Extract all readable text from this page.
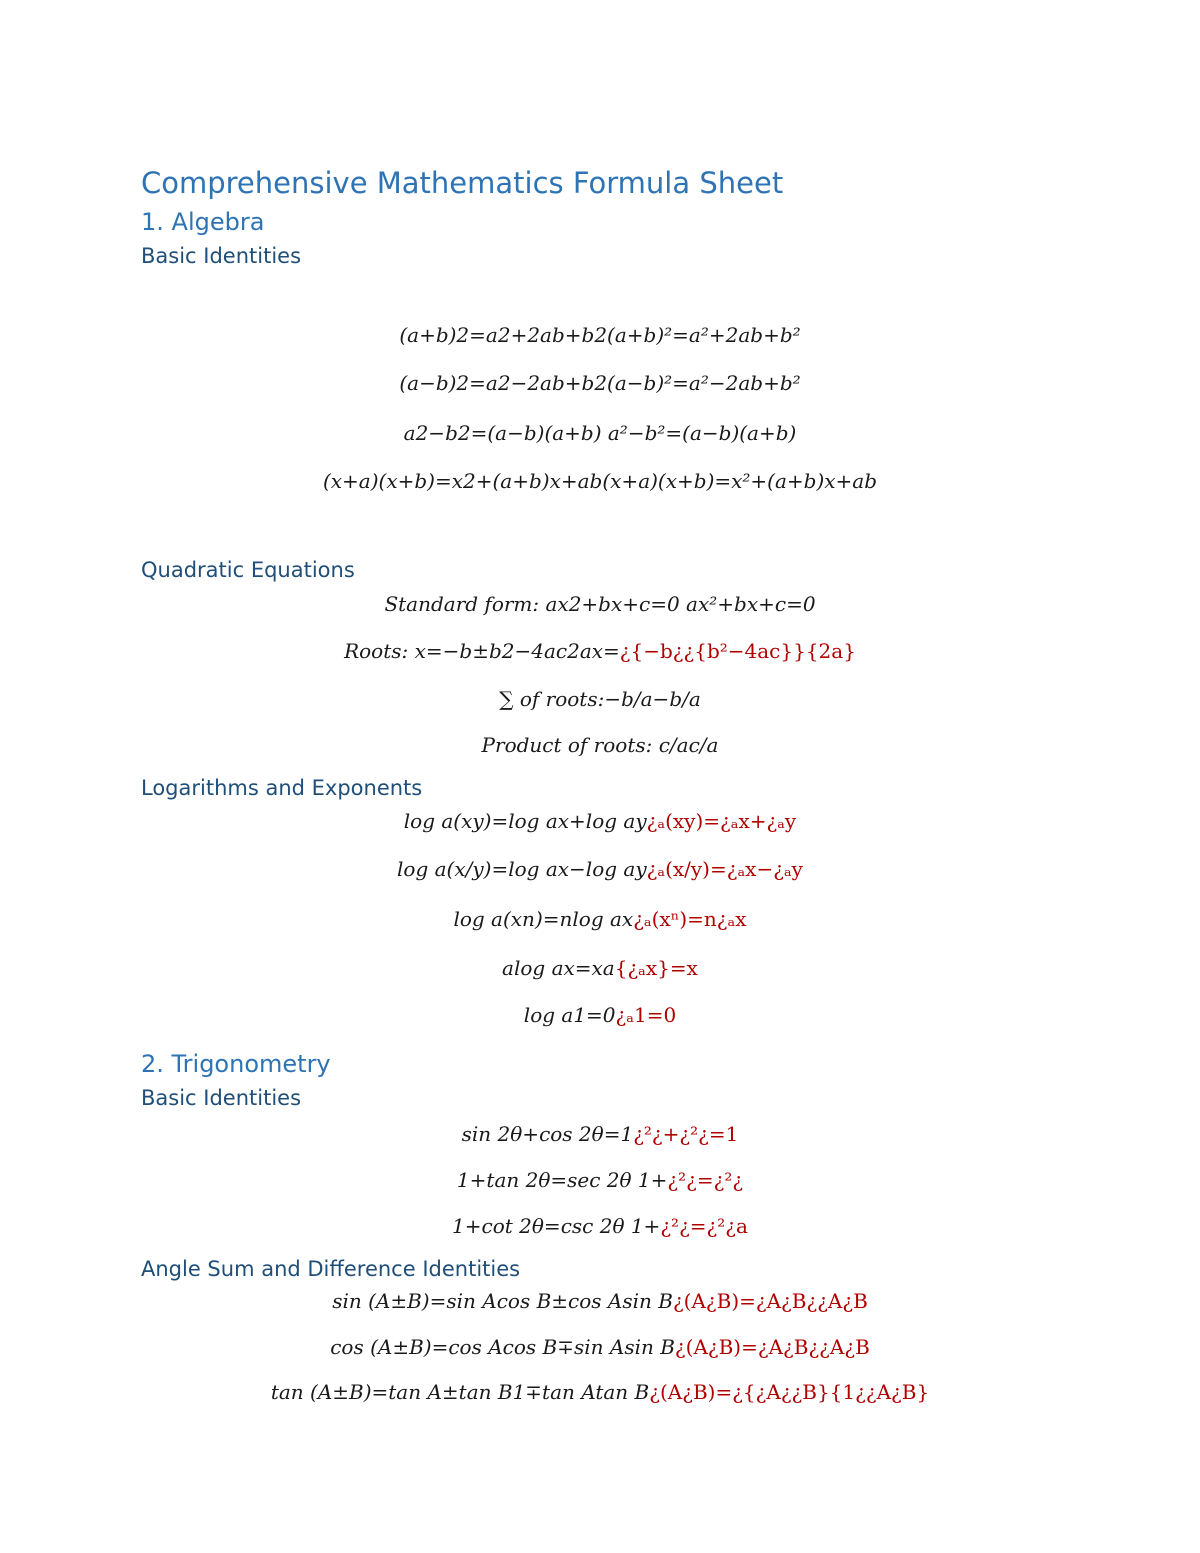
Comprehensive Mathematics Formula Sheet
1. Algebra
Basic Identities
(a+b)2=a2+2ab+b2(a+b)²=a²+2ab+b²
(a−b)2=a2−2ab+b2(a−b)²=a²−2ab+b²
a2−b2=(a−b)(a+b) a²−b²=(a−b)(a+b)
(x+a)(x+b)=x2+(a+b)x+ab(x+a)(x+b)=x²+(a+b)x+ab
Quadratic Equations
Standard form: ax2+bx+c=0 ax²+bx+c=0
Roots: x=−b±b2−4ac2ax=¿{−b¿¿{b²−4ac}}{2a}
∑ of roots:−b/a−b/a
Product of roots: c/ac/a
Logarithms and Exponents
log a(xy)=log ax+log ay¿ₐ(xy)=¿ₐx+¿ₐy
log a(x/y)=log ax−log ay¿ₐ(x/y)=¿ₐx−¿ₐy
log a(xn)=nlog ax¿ₐ(xⁿ)=n¿ₐx
alog ax=xa{¿ₐx}=x
log a1=0¿ₐ1=0
2. Trigonometry
Basic Identities
sin 2θ+cos 2θ=1¿²¿+¿²¿=1
1+tan 2θ=sec 2θ 1+¿²¿=¿²¿
1+cot 2θ=csc 2θ 1+¿²¿=¿²¿a
Angle Sum and Difference Identities
sin (A±B)=sin Acos B±cos Asin B¿(A¿B)=¿A¿B¿¿A¿B
cos (A±B)=cos Acos B∓sin Asin B¿(A¿B)=¿A¿B¿¿A¿B
tan (A±B)=tan A±tan B1∓tan Atan B¿(A¿B)=¿{¿A¿¿B}{1¿¿A¿B}
